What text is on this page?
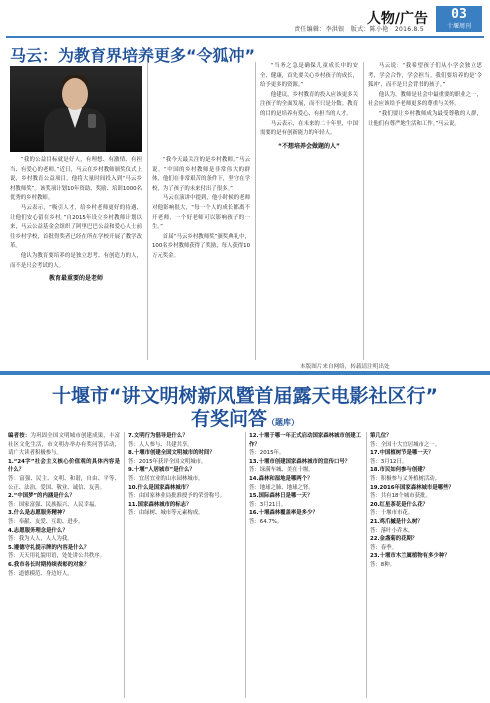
人物/广告
责任编辑：李洪银　版式：陈小艳　2016.8.5
03
十堰周刊
马云：为教育界培养更多“令狐冲”

“我的公益目标就是好人，有理想、有激情、有担当、有爱心的老师。”近日，马云在乡村教师颁奖仪式上说，乡村教育公益项目，他将大量时间投入到“马云乡村教师奖”。该奖项计划10年资助、奖励、培训1000名优秀的乡村教师。

马云表示，“吸引人才，给乡村老师更好的待遇，让他们安心留在乡村。”自2015年设立乡村教师计划以来，马云公益基金会组织了阿里巴巴公益和爱心人士前往乡村学校，首批得奖者已经在所在学校开展了教学改革。

他认为教育要培养的是独立思考、有创造力的人，而不是只会考试的人。

教育最重要的是老师

“我今天最关注的是乡村教师。”马云说。“中国的乡村教师是非常伟大的群体，他们在非常艰苦的条件下，坚守在学校，为了孩子的未来付出了很多。”

马云在演讲中提到，他小时候的老师对他影响很大，“每一个人的成长都离不开老师，一个好老师可以影响孩子的一生。”

首届“马云乡村教师奖”颁奖典礼中，100名乡村教师获得了奖励，每人获得10万元奖金。

“当务之急是确保儿童成长中的安全、健康，首先要关心乡村孩子的成长，给予更多的资源。”

他建议，乡村教育的投入应该更多关注孩子的全面发展，而不只是分数。教育的目的是培养有爱心、有担当的人才。

马云表示，在未来的二十年里，中国需要的是有创新能力的年轻人。

“不想培养会做题的人”

马云说：“我希望孩子们从小学会独立思考，学会合作，学会担当。我们要培养的是‘令狐冲’，而不是只会背书的孩子。”

他认为，教师是社会中最重要的职业之一，社会应该给予老师更多的尊重与关怀。

“我们要让乡村教师成为最受尊敬的人群，让他们有尊严地生活和工作。”马云说。

本版图片来自网络，转载请注明出处
十堰市“讲文明树新风暨首届露天电影社区行”
有奖问答（题库）
编者按：为巩固全国文明城市创建成果，丰富社区文化生活，市文明办举办有奖问答活动，请广大读者积极参与。
1.“24字”社会主义核心价值观的具体内容是什么？
答：富强、民主、文明、和谐，自由、平等、公正、法治，爱国、敬业、诚信、友善。
2.“中国梦”的内涵是什么？
答：国家富强、民族振兴、人民幸福。
3.什么是志愿服务精神？
答：奉献、友爱、互助、进步。
4.志愿服务理念是什么？
答：我为人人，人人为我。
5.遵德守礼提示牌的内容是什么？
答：天天用礼貌用语，处处讲公共秩序。
6.我市各长时期持续表彰的对象？
答：道德模范、身边好人。
7.文明行为倡导是什么？
答：人人参与、共建共享。
8.十堰市创建全国文明城市的时间？
答：2015年获评全国文明城市。
9.十堰“人居城市”是什么？
答：宜居宜业的山水园林城市。
10.什么是国家森林城市？
答：由国家林业局批准授予的荣誉称号。
11.国家森林城市的标志？
答：由绿树、城市等元素构成。
12.十堰于哪一年正式启动国家森林城市创建工作？
答：2015年。
13.十堰市创建国家森林城市的宣传口号？
答：绿满车城、美在十堰。
14.森林和湿地是哪两个？
答：地球之肺、地球之肾。
15.国际森林日是哪一天？
答：3月21日。
16.十堰森林覆盖率是多少？
答：64.7%。
第几位？
答：全国十大宜居城市之一。
17.中国植树节是哪一天？
答：3月12日。
18.市民如何参与创建？
答：积极参与义务植树活动。
19.2016年国家森林城市是哪些？
答：共有18个城市获批。
20.红星茶花是什么花？
答：十堰市市花。
21.鸡爪槭是什么树？
答：落叶小乔木。
22.金盏菊的花期？
答：春季。
23.十堰市木兰属植物有多少种？
答：8种。
